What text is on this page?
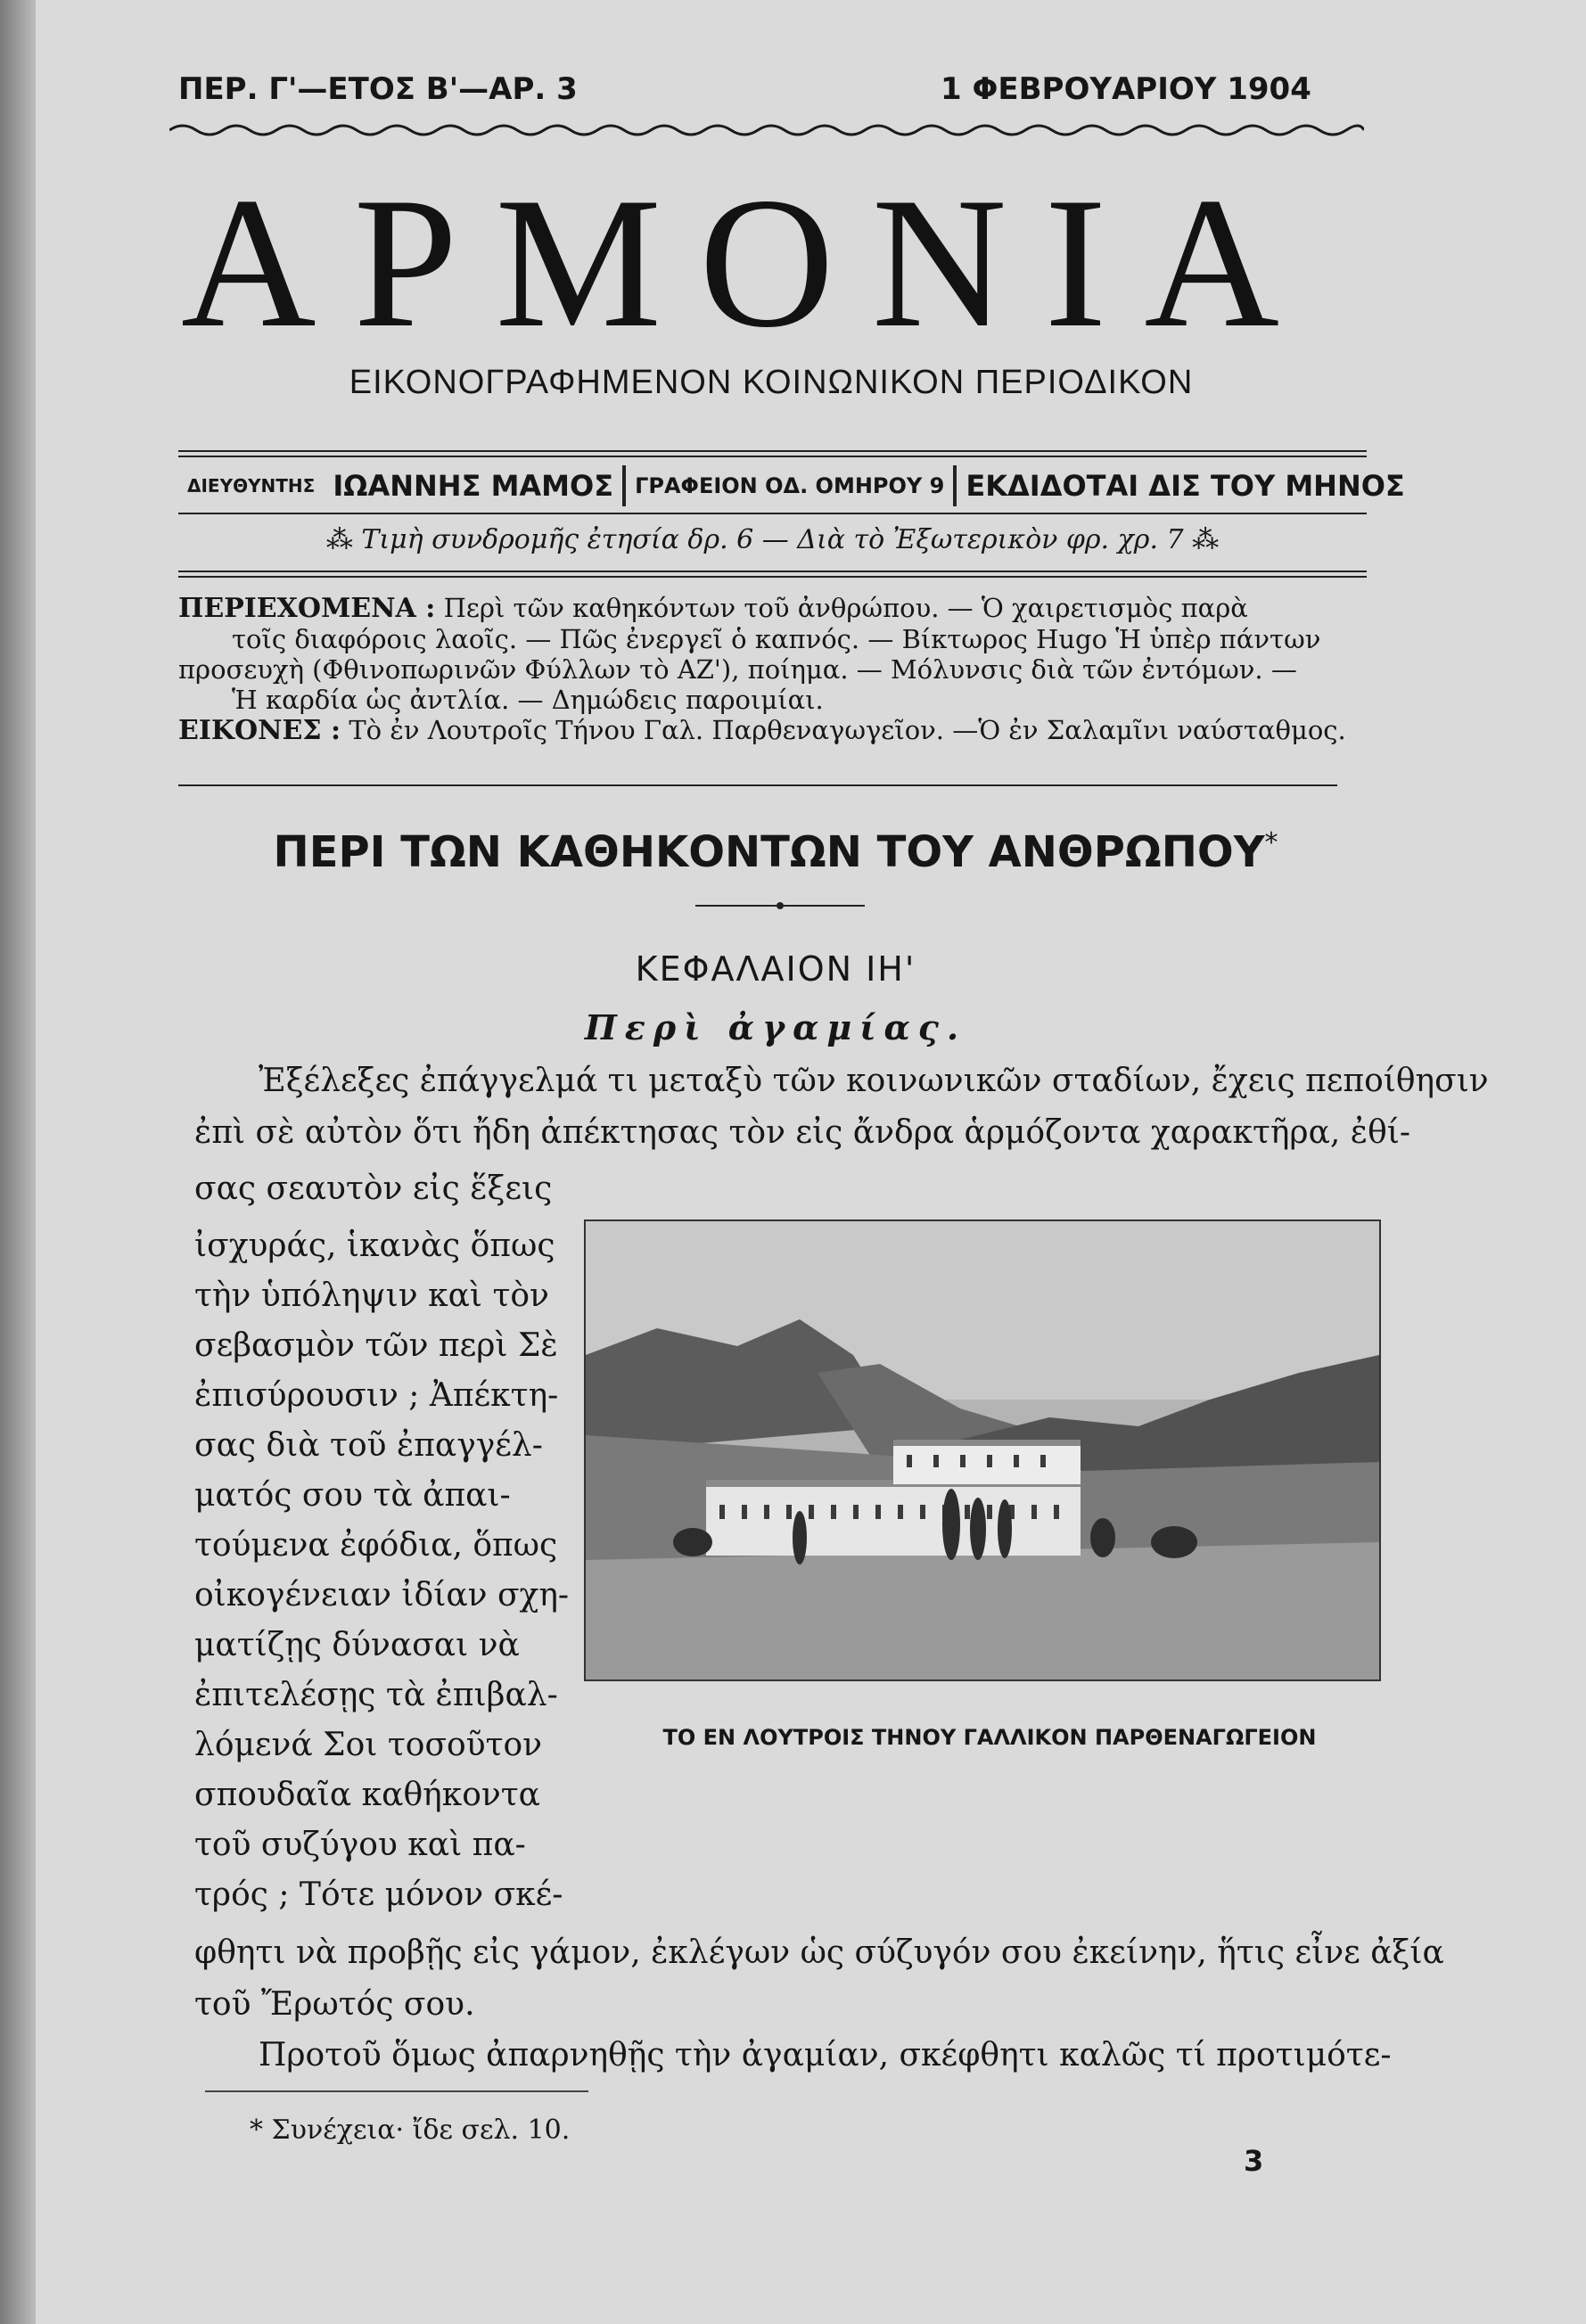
ΠΕΡ. Γ'—ΕΤΟΣ Β'—ΑΡ. 3	1 ΦΕΒΡΟΥΑΡΙΟΥ 1904
ΑΡΜΟΝΙΑ
ΕΙΚΟΝΟΓΡΑΦΗΜΕΝΟΝ ΚΟΙΝΩΝΙΚΟΝ ΠΕΡΙΟΔΙΚΟΝ
ΔΙΕΥΘΥΝΤΗΣ ΙΩΑΝΝΗΣ ΜΑΜΟΣ	ΓΡΑΦΕΙΟΝ ΟΔ. ΟΜΗΡΟΥ 9 ΕΚΔΙΔΟΤΑΙ ΔΙΣ ΤΟΥ ΜΗΝΟΣ
⁂ Τιμὴ συνδρομῆς ἐτησία δρ. 6 — Διὰ τὸ Ἐξωτερικὸν φρ. χρ. 7 ⁂

ΠΕΡΙΕΧΟΜΕΝΑ : Περὶ τῶν καθηκόντων τοῦ ἀνθρώπου. — Ὁ χαιρετισμὸς παρὰ

τοῖς διαφόροις λαοῖς. — Πῶς ἐνεργεῖ ὁ καπνός. — Βίκτωρος Hugo Ἡ ὑπὲρ πάντων

προσευχὴ (Φθινοπωρινῶν Φύλλων τὸ ΑΖ'), ποίημα. — Μόλυνσις διὰ τῶν ἐντόμων. —

Ἡ καρδία ὡς ἀντλία. — Δημώδεις παροιμίαι.

ΕΙΚΟΝΕΣ : Τὸ ἐν Λουτροῖς Τήνου Γαλ. Παρθεναγωγεῖον. —Ὁ ἐν Σαλαμῖνι ναύσταθμος.

ΠΕΡΙ ΤΩΝ ΚΑΘΗΚΟΝΤΩΝ ΤΟΥ ΑΝΘΡΩΠΟΥ*
ΚΕΦΑΛΑΙΟΝ ΙΗ'
Περὶ ἀγαμίας.
Ἐξέλεξες ἐπάγγελμά τι μεταξὺ τῶν κοινωνικῶν σταδίων, ἔχεις πεποίθησιν
ἐπὶ σὲ αὐτὸν ὅτι ἤδη ἀπέκτησας τὸν εἰς ἄνδρα ἁρμόζοντα χαρακτῆρα, ἐθί-
σας σεαυτὸν εἰς ἕξεις
ἰσχυράς, ἱκανὰς ὅπως
τὴν ὑπόληψιν καὶ τὸν
σεβασμὸν τῶν περὶ Σὲ
ἐπισύρουσιν ; Ἀπέκτη-
σας διὰ τοῦ ἐπαγγέλ-
ματός σου τὰ ἀπαι-
τούμενα ἐφόδια, ὅπως
οἰκογένειαν ἰδίαν σχη-
ματίζῃς δύνασαι νὰ
ἐπιτελέσῃς τὰ ἐπιβαλ-
λόμενά Σοι τοσοῦτον
σπουδαῖα καθήκοντα
τοῦ συζύγου καὶ πα-
τρός ; Τότε μόνον σκέ-
ΤΟ ΕΝ ΛΟΥΤΡΟΙΣ ΤΗΝΟΥ ΓΑΛΛΙΚΟΝ ΠΑΡΘΕΝΑΓΩΓΕΙΟΝ
φθητι νὰ προβῇς εἰς γάμον, ἐκλέγων ὡς σύζυγόν σου ἐκείνην, ἥτις εἶνε ἀξία
τοῦ Ἔρωτός σου.
Προτοῦ ὅμως ἀπαρνηθῇς τὴν ἀγαμίαν, σκέφθητι καλῶς τί προτιμότε-
* Συνέχεια· ἴδε σελ. 10.
3
